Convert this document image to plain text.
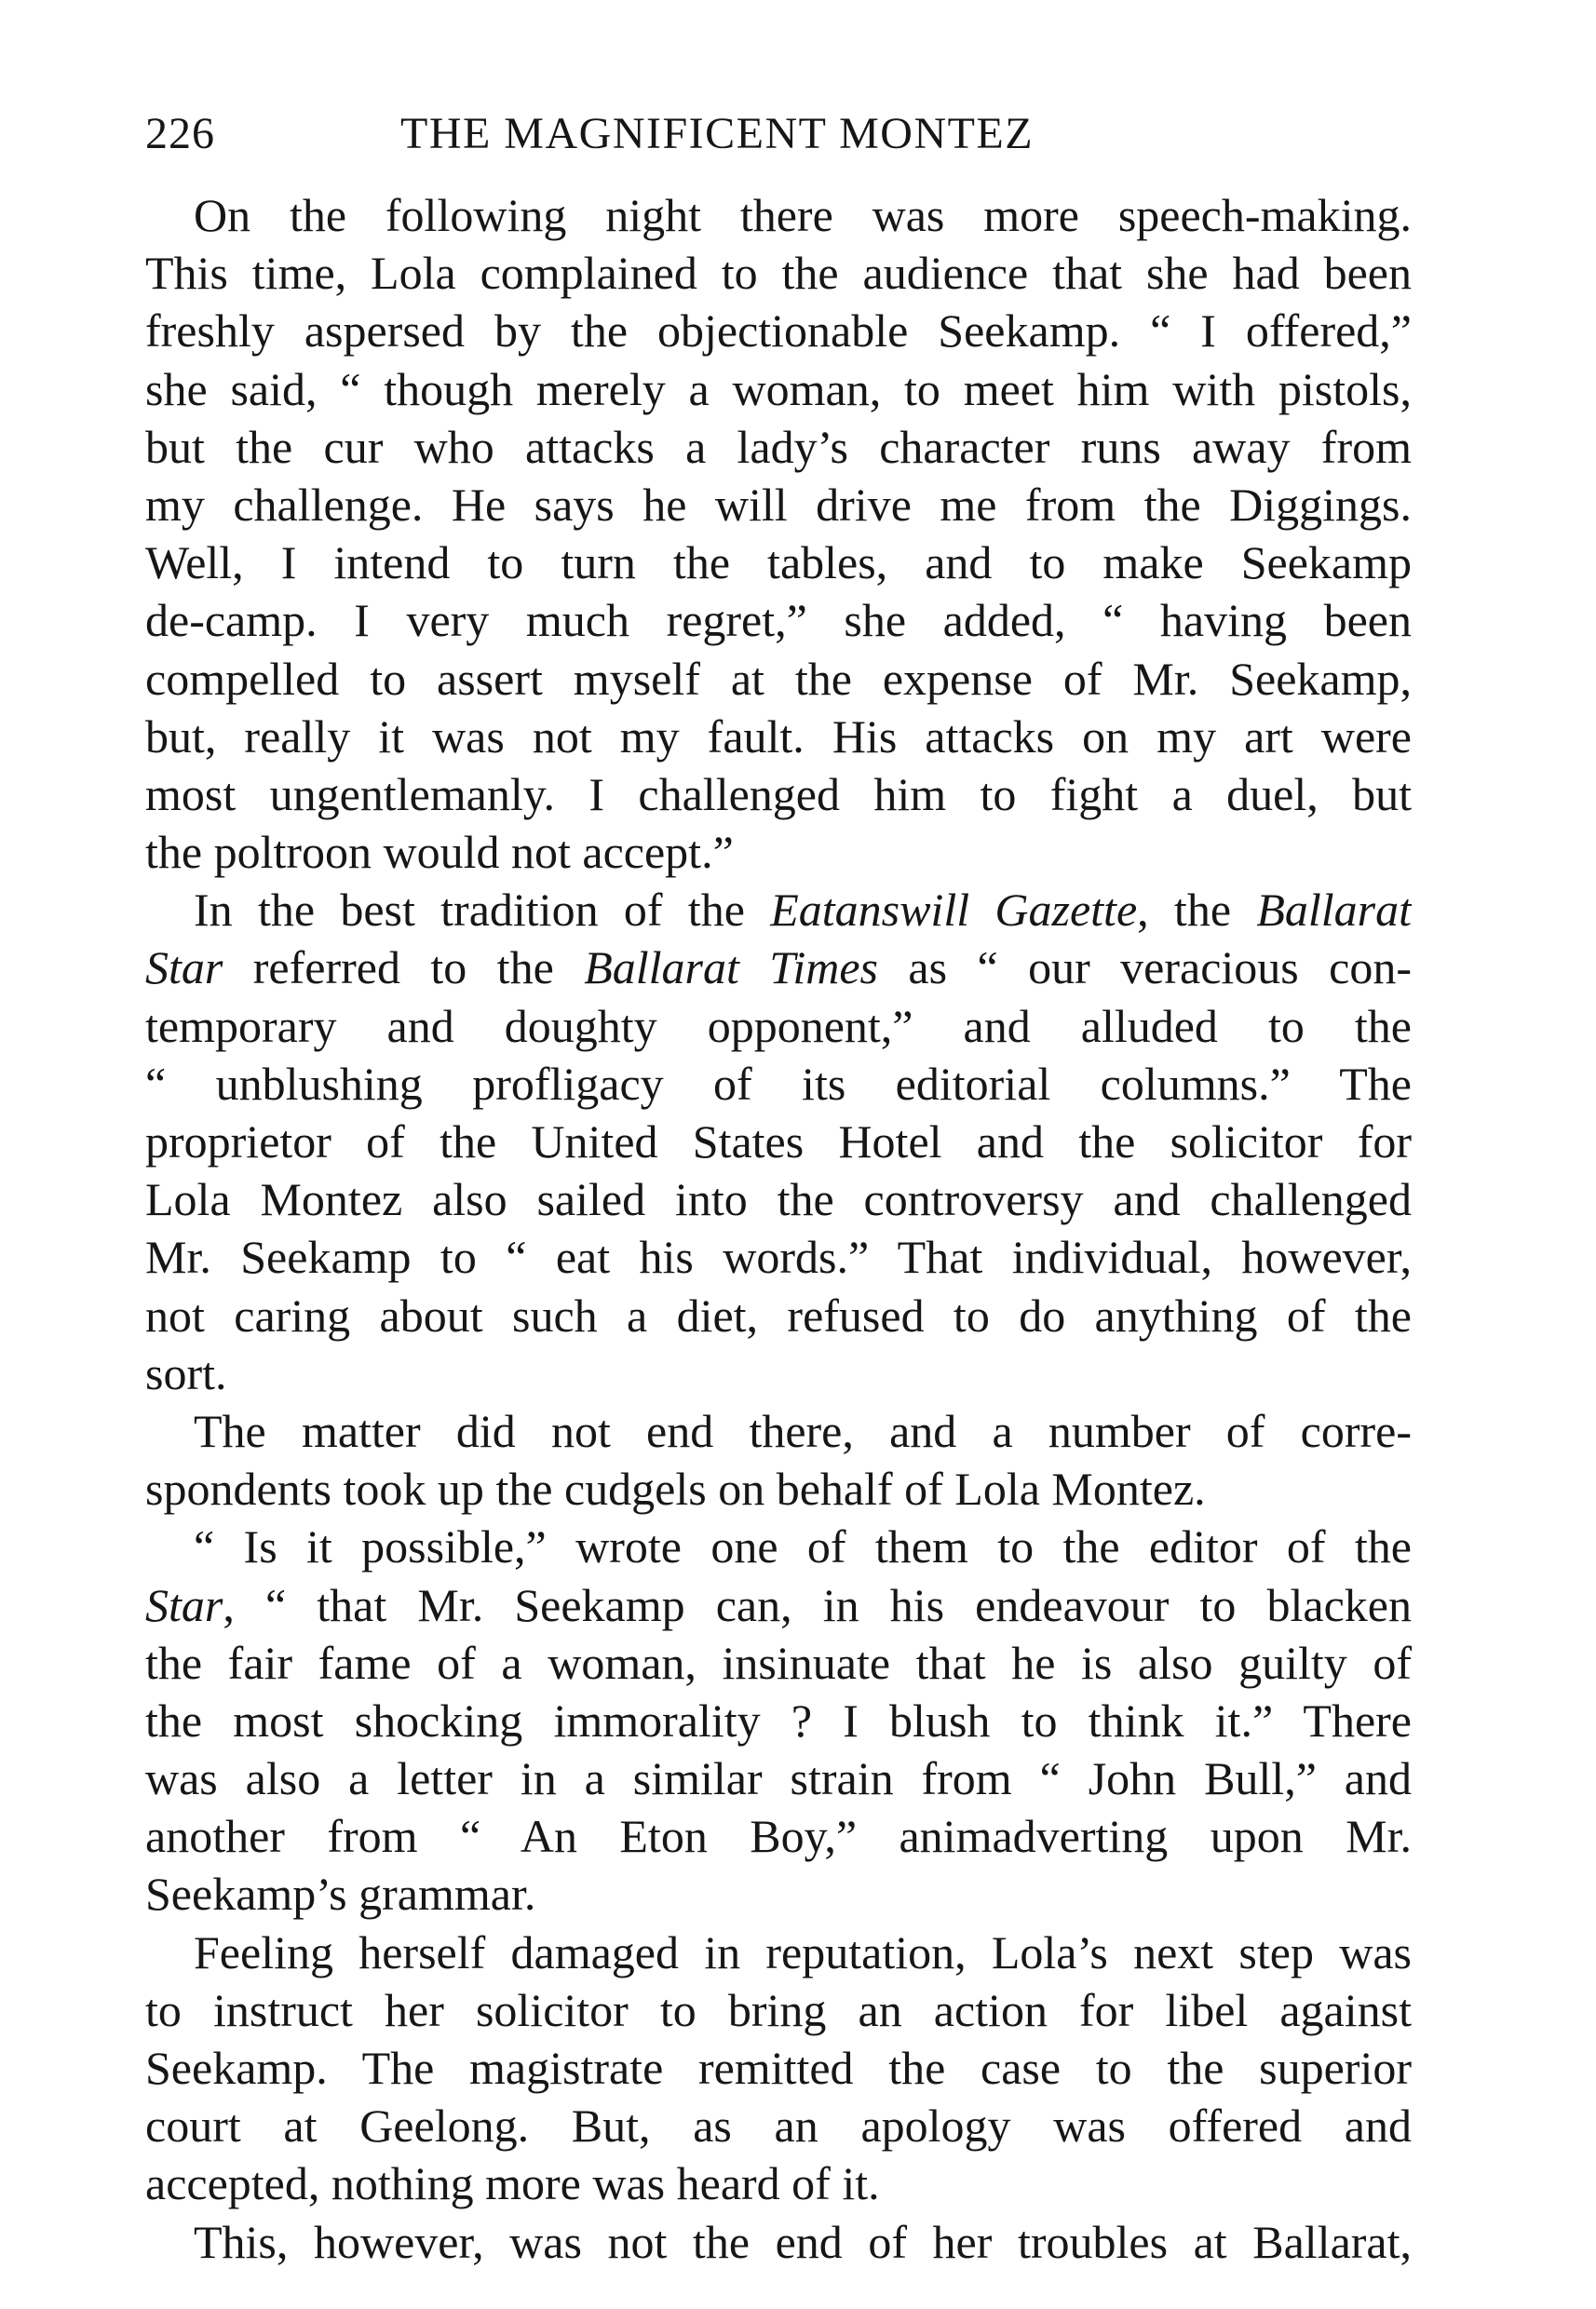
226	THE MAGNIFICENT MONTEZ
On the following night there was more speech-making.
This time, Lola complained to the audience that she had been
freshly aspersed by the objectionable Seekamp. “ I offered,”
she said, “ though merely a woman, to meet him with pistols,
but the cur who attacks a lady’s character runs away from
my challenge. He says he will drive me from the Diggings.
Well, I intend to turn the tables, and to make Seekamp
de-camp. I very much regret,” she added, “ having been
compelled to assert myself at the expense of Mr. Seekamp,
but, really it was not my fault. His attacks on my art were
most ungentlemanly. I challenged him to fight a duel, but
the poltroon would not accept.”
In the best tradition of the Eatanswill Gazette, the Ballarat
Star referred to the Ballarat Times as “ our veracious con-
temporary and doughty opponent,” and alluded to the
“ unblushing profligacy of its editorial columns.” The
proprietor of the United States Hotel and the solicitor for
Lola Montez also sailed into the controversy and challenged
Mr. Seekamp to “ eat his words.” That individual, however,
not caring about such a diet, refused to do anything of the
sort.
The matter did not end there, and a number of corre-
spondents took up the cudgels on behalf of Lola Montez.
“ Is it possible,” wrote one of them to the editor of the
Star, “ that Mr. Seekamp can, in his endeavour to blacken
the fair fame of a woman, insinuate that he is also guilty of
the most shocking immorality ? I blush to think it.” There
was also a letter in a similar strain from “ John Bull,” and
another from “ An Eton Boy,” animadverting upon Mr.
Seekamp’s grammar.
Feeling herself damaged in reputation, Lola’s next step was
to instruct her solicitor to bring an action for libel against
Seekamp. The magistrate remitted the case to the superior
court at Geelong. But, as an apology was offered and
accepted, nothing more was heard of it.
This, however, was not the end of her troubles at Ballarat,
